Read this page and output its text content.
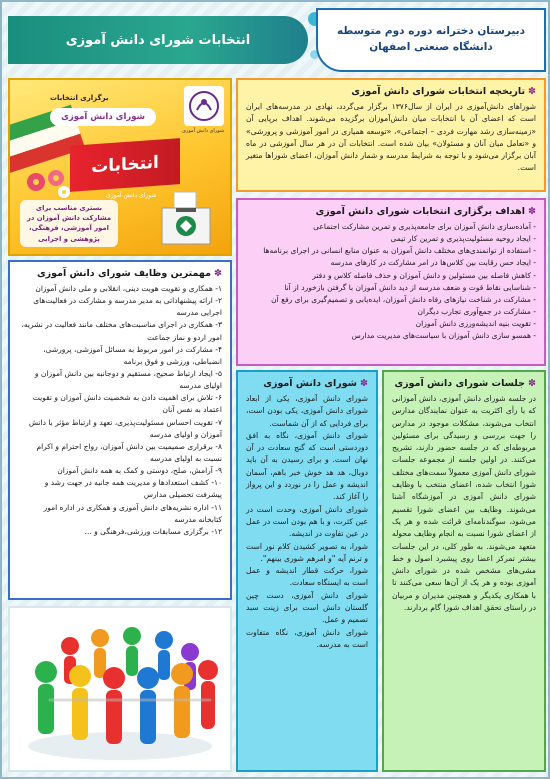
دبیرستان دخترانه دوره دوم متوسطه
دانشگاه صنعتی اصفهان
انتخابات شورای دانش آموزی
شورای دانش آموزی
برگزاری انتخابات
شورای دانش آموزی
انتخابات
شورای دانش آموزی
بستری مناسب برای مشارکت دانش آموزان در امور آموزشی، فرهنگی، پژوهشی و اجرایی
✽تاریخچه انتخابات شورای دانش آموزی

شوراهای دانش‌آموزی در ایران از سال۱۳۷۶ برگزار می‌گردد، نهادی در مدرسه‌های ایران است که اعضای آن با انتخابات میان دانش‌آموزان برگزیده می‌شوند. اهداف برپایی آن «زمینه‌سازی رشد مهارت فردی – اجتماعی»، «توسعه همیاری در امور آموزشی و پرورشی» و «تعامل میان آنان و مسئولان» بیان شده است. انتخابات آن در هر سال آموزشی در ماه آبان برگزار می‌شود و با توجه به شرایط مدرسه و شمار دانش آموزان، اعضای شوراها متغیر است.

✽اهداف برگزاری انتخابات شورای دانش آموزی
- آماده‌سازی دانش آموزان برای جامعه‌پذیری و تمرین مشارکت اجتماعی
- ایجاد روحیه مسئولیت‌پذیری و تمرین کار تیمی
- استفاده از توانمندی‌های مختلف دانش آموزان به عنوان منابع انسانی در اجرای برنامه‌ها
- ایجاد حس رقابت بین کلاس‌ها در امر مشارکت در کارهای مدرسه
- کاهش فاصله بین مسئولین و دانش آموزان و حذف فاصله کلاس و دفتر
- شناسایی نقاط قوت و ضعف مدرسه از دید دانش آموزان با گرفتن بازخورد از آنا
- مشارکت در شناخت نیازهای رفاه دانش آموزان، ایده‌یابی و تصمیم‌گیری برای رفع آن
- مشارکت در جمع‌آوری تجارب دیگران
- تقویت بنیه اندیشه‌ورزی دانش آموزان
- همسو سازی دانش آموزان با سیاست‌های مدیریت مدارس
✽مهمترین وظایف شورای دانش آموزی
۱- همکاری و تقویت هویت دینی، انقلابی و ملی دانش آموزان
۲- ارائه پیشنهاداتی به مدیر مدرسه و مشارکت در فعالیت‌های اجرایی مدرسه
۳- همکاری در اجرای مناسبت‌های مختلف مانند فعالیت در نشریه، امور اردو و نماز جماعت
۴- مشارکت در امور مربوط به مسائل آموزشی، پرورشی، انضباطی، ورزشی و فوق برنامه
۵- ایجاد ارتباط صحیح، مستقیم و دوجانبه بین دانش آموزان و اولیای مدرسه
۶- تلاش برای اهمیت دادن به شخصیت دانش آموزان و تقویت اعتماد به نفس آنان
۷- تقویت احساس مسئولیت‌پذیری، تعهد و ارتباط مؤثر با دانش آموزان و اولیای مدرسه
۸- برقراری صمیمیت بین دانش آموزان، رواج احترام و اکرام نسبت به اولیای مدرسه
۹- آرامش، صلح، دوستی و کمک به همه دانش آموزان
۱۰- کشف استعدادها و مدیریت همه جانبه در جهت رشد و پیشرفت تحصیلی مدارس
۱۱- اداره نشریه‌های دانش آموزی و همکاری در اداره امور کتابخانه مدرسه
۱۲- برگزاری مسابقات ورزشی،فرهنگی و ...
✽جلسات شورای دانش آموزی

در جلسه شورای دانش آموزی، دانش آموزانی که با رأی اکثریت به عنوان نمایندگان مدارس انتخاب می‌شوند، مشکلات موجود در مدارس را جهت بررسی و رسیدگی برای مسئولین مربوطه‌ای که در جلسه حضور دارند، تشریح می‌کنند. در اولین جلسه از مجموعه جلسات شورای دانش آموزی معمولاً سمت‌های مختلف شورا انتخاب شده، اعضای منتخب با وظایف شورای دانش آموزی در آموزشگاه آشنا می‌شوند. وظایف بین اعضای شورا تقسیم می‌شود، سوگندنامه‌ای قرائت شده و هر یک از اعضای شورا نسبت به انجام وظایف محوله متعهد می‌شوند. به طور کلی، در این جلسات بیشتر تمرکز اعضا روی پیشبرد اصول و خط مشی‌های مشخص شده در شورای دانش آموزی بوده و هر یک از آن‌ها سعی می‌کنند تا با همکاری یکدیگر و همچنین مدیران و مربیان در راستای تحقق اهداف شورا گام بردارند.

✽شورای دانش آموزی

شورای دانش آموزی، یکی از ابعاد شورای دانش آموزی، یکی بودن است، برای فردایی که از آن شماست.

شورای دانش آموزی، نگاه به افق دوردستی است که گنج سعادت در آن نهان است. و برای رسیدن به آن باید دوبال، هد هد خوش خبر باهم، آسمان اندیشه و عمل را در نوردد و این پرواز را آغاز کند.

شورای دانش آموزی، وحدت است در عین کثرت، و با هم بودن است در عمل در عین تفاوت در اندیشه.

شورا، به تصویر کشیدن کلام نور است و ترنم آیه "و امرهم شوری بینهم".

شورا، حرکت قطار اندیشه و عمل است به ایستگاه سعادت.

شورای دانش آموزی، دست چین گلستان دانش است برای زینت سبد تصمیم و عمل.

شورای دانش آموزی، نگاه متفاوت است به مدرسه.
